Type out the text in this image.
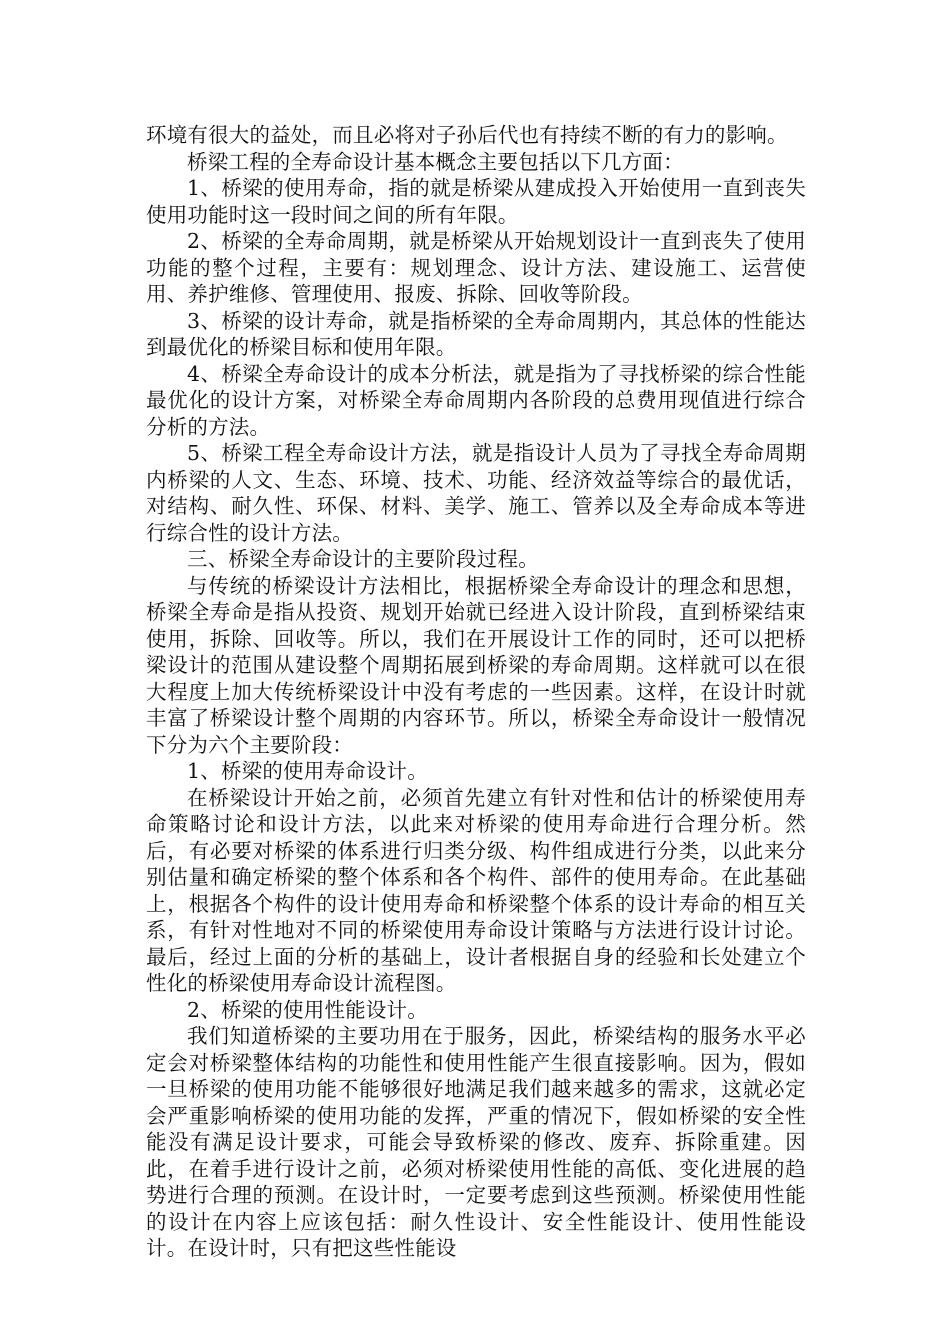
环境有很大的益处，而且必将对子孙后代也有持续不断的有力的影响。

桥梁工程的全寿命设计基本概念主要包括以下几方面：

1、桥梁的使用寿命，指的就是桥梁从建成投入开始使用一直到丧失使用功能时这一段时间之间的所有年限。

2、桥梁的全寿命周期，就是桥梁从开始规划设计一直到丧失了使用功能的整个过程，主要有：规划理念、设计方法、建设施工、运营使用、养护维修、管理使用、报废、拆除、回收等阶段。

3、桥梁的设计寿命，就是指桥梁的全寿命周期内，其总体的性能达到最优化的桥梁目标和使用年限。

4、桥梁全寿命设计的成本分析法，就是指为了寻找桥梁的综合性能最优化的设计方案，对桥梁全寿命周期内各阶段的总费用现值进行综合分析的方法。

5、桥梁工程全寿命设计方法，就是指设计人员为了寻找全寿命周期内桥梁的人文、生态、环境、技术、功能、经济效益等综合的最优话，对结构、耐久性、环保、材料、美学、施工、管养以及全寿命成本等进行综合性的设计方法。

三、桥梁全寿命设计的主要阶段过程。

与传统的桥梁设计方法相比，根据桥梁全寿命设计的理念和思想，桥梁全寿命是指从投资、规划开始就已经进入设计阶段，直到桥梁结束使用，拆除、回收等。所以，我们在开展设计工作的同时，还可以把桥梁设计的范围从建设整个周期拓展到桥梁的寿命周期。这样就可以在很大程度上加大传统桥梁设计中没有考虑的一些因素。这样，在设计时就丰富了桥梁设计整个周期的内容环节。所以，桥梁全寿命设计一般情况下分为六个主要阶段：

1、桥梁的使用寿命设计。

在桥梁设计开始之前，必须首先建立有针对性和估计的桥梁使用寿命策略讨论和设计方法，以此来对桥梁的使用寿命进行合理分析。然后，有必要对桥梁的体系进行归类分级、构件组成进行分类，以此来分别估量和确定桥梁的整个体系和各个构件、部件的使用寿命。在此基础上，根据各个构件的设计使用寿命和桥梁整个体系的设计寿命的相互关系，有针对性地对不同的桥梁使用寿命设计策略与方法进行设计讨论。最后，经过上面的分析的基础上，设计者根据自身的经验和长处建立个性化的桥梁使用寿命设计流程图。

2、桥梁的使用性能设计。

我们知道桥梁的主要功用在于服务，因此，桥梁结构的服务水平必定会对桥梁整体结构的功能性和使用性能产生很直接影响。因为，假如一旦桥梁的使用功能不能够很好地满足我们越来越多的需求，这就必定会严重影响桥梁的使用功能的发挥，严重的情况下，假如桥梁的安全性能没有满足设计要求，可能会导致桥梁的修改、废弃、拆除重建。因此，在着手进行设计之前，必须对桥梁使用性能的高低、变化进展的趋势进行合理的预测。在设计时，一定要考虑到这些预测。桥梁使用性能的设计在内容上应该包括：耐久性设计、安全性能设计、使用性能设计。在设计时，只有把这些性能设
